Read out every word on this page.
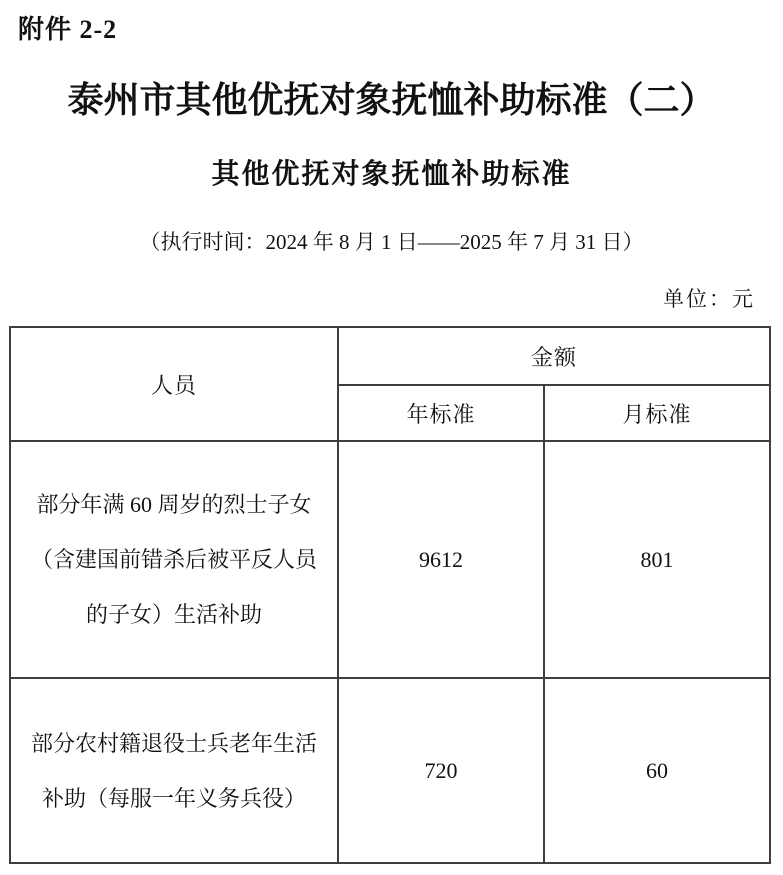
附件 2-2
泰州市其他优抚对象抚恤补助标准（二）
其他优抚对象抚恤补助标准
（执行时间：2024 年 8 月 1 日——2025 年 7 月 31 日）
单位：元
人员	金额	
	年标准	月标准

部分年满 60 周岁的烈士子女
（含建国前错杀后被平反人员
的子女）生活补助	9612	801

部分农村籍退役士兵老年生活
补助（每服一年义务兵役）	720	60
